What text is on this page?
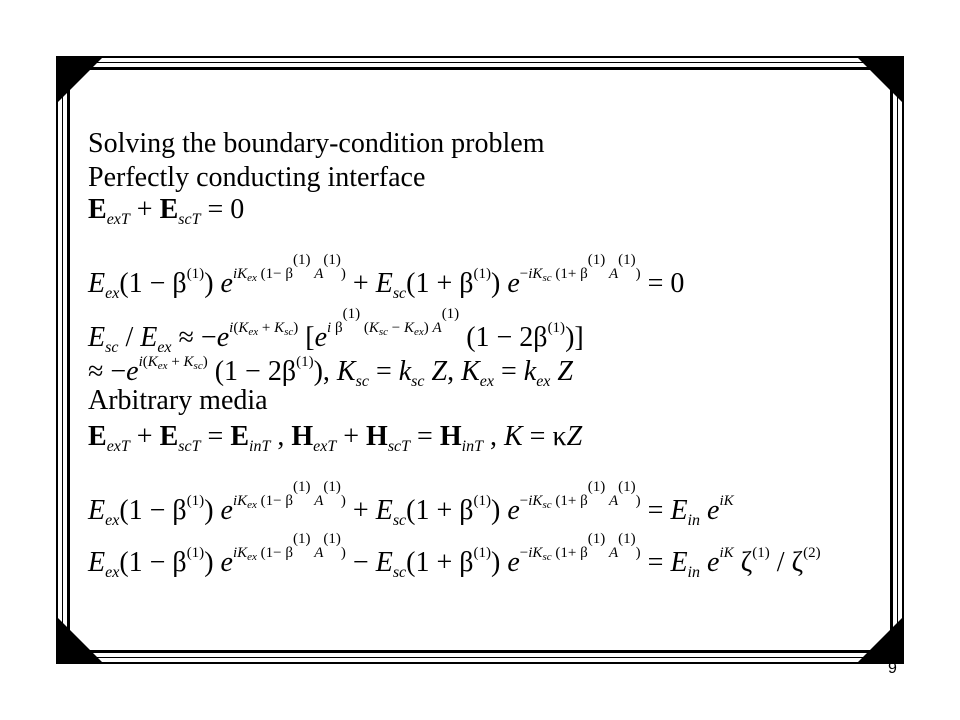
Solving the boundary-condition problem
Perfectly conducting interface
$E_{exT} + E_{scT} = 0$
$E_{ex}(1 - \beta^{(1)}) e^{iK_{ex} (1- \beta^{(1)} A^{(1)})} + E_{sc}(1 + \beta^{(1)}) e^{-iK_{sc} (1+ \beta^{(1)} A^{(1)})} = 0$
$E_{sc} / E_{ex} \approx -e^{i(K_{ex} + K_{sc})}$ [$e^{i \beta^{(1)} (K_{sc} - K_{ex}) A^{(1)}}$ $(1 - 2\beta^{(1)})$]
≈ $-e^{i(K_{ex} + K_{sc})}$ $(1 - 2\beta^{(1)})$, $K_{sc} = k_{sc}$ Z, $K_{ex} = k_{ex}$ Z
Arbitrary media
$E_{exT} + E_{scT} = E_{inT}$ , $H_{exT} + H_{scT} = H_{inT}$ , K = κZ
$E_{ex}(1 - \beta^{(1)}) e^{iK_{ex} (1- \beta^{(1)} A^{(1)})} + E_{sc}(1 + \beta^{(1)}) e^{-iK_{sc} (1+ \beta^{(1)} A^{(1)})} = E_{in}$ $e^{iK}$
$E_{ex}(1 - \beta^{(1)}) e^{iK_{ex} (1- \beta^{(1)} A^{(1)})} - E_{sc}(1 + \beta^{(1)}) e^{-iK_{sc} (1+ \beta^{(1)} A^{(1)})} = E_{in}$ $e^{iK}$ $\zeta^{(1)} / \zeta^{(2)}$
9
